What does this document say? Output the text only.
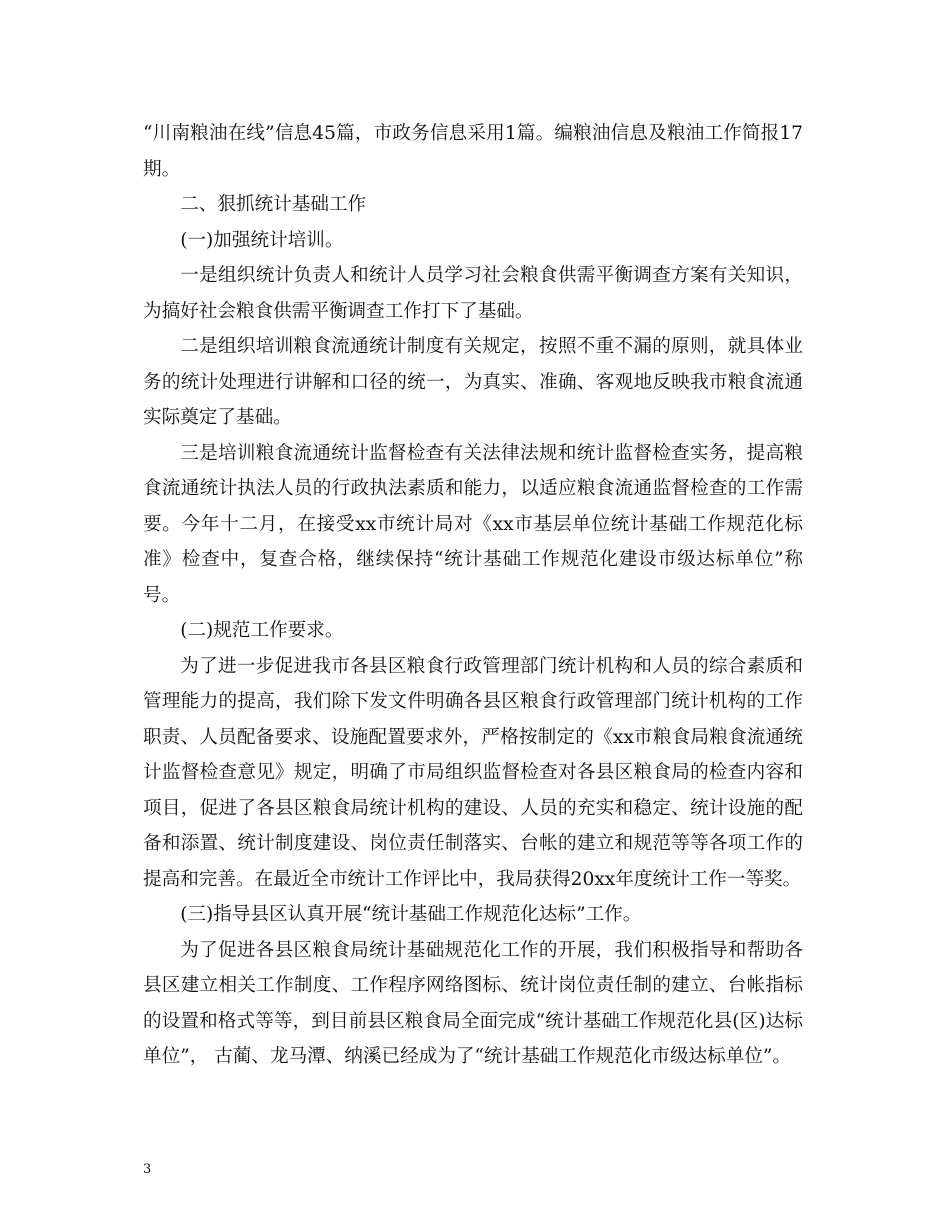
“川南粮油在线”信息45篇，市政务信息采用1篇。编粮油信息及粮油工作简报17期。

二、狠抓统计基础工作

(一)加强统计培训。

一是组织统计负责人和统计人员学习社会粮食供需平衡调查方案有关知识，为搞好社会粮食供需平衡调查工作打下了基础。

二是组织培训粮食流通统计制度有关规定，按照不重不漏的原则，就具体业务的统计处理进行讲解和口径的统一，为真实、准确、客观地反映我市粮食流通实际奠定了基础。

三是培训粮食流通统计监督检查有关法律法规和统计监督检查实务，提高粮食流通统计执法人员的行政执法素质和能力，以适应粮食流通监督检查的工作需要。今年十二月，在接受xx市统计局对《xx市基层单位统计基础工作规范化标准》检查中，复查合格，继续保持“统计基础工作规范化建设市级达标单位”称号。

(二)规范工作要求。

为了进一步促进我市各县区粮食行政管理部门统计机构和人员的综合素质和管理能力的提高，我们除下发文件明确各县区粮食行政管理部门统计机构的工作职责、人员配备要求、设施配置要求外，严格按制定的《xx市粮食局粮食流通统计监督检查意见》规定，明确了市局组织监督检查对各县区粮食局的检查内容和项目，促进了各县区粮食局统计机构的建设、人员的充实和稳定、统计设施的配备和添置、统计制度建设、岗位责任制落实、台帐的建立和规范等等各项工作的提高和完善。在最近全市统计工作评比中，我局获得20xx年度统计工作一等奖。

(三)指导县区认真开展“统计基础工作规范化达标”工作。

为了促进各县区粮食局统计基础规范化工作的开展，我们积极指导和帮助各县区建立相关工作制度、工作程序网络图标、统计岗位责任制的建立、台帐指标的设置和格式等等，到目前县区粮食局全面完成“统计基础工作规范化县(区)达标单位”， 古蔺、龙马潭、纳溪已经成为了“统计基础工作规范化市级达标单位”。

3
